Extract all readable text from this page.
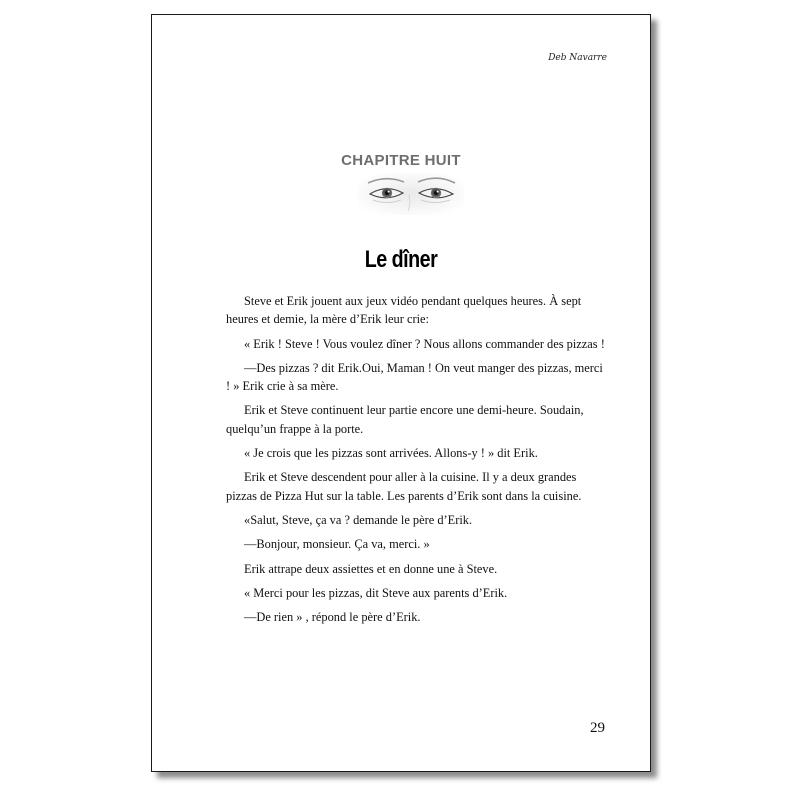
Deb Navarre
CHAPITRE HUIT
Le dîner

Steve et Erik jouent aux jeux vidéo pendant quelques heures. À sept heures et demie, la mère d’Erik leur crie:

« Erik ! Steve ! Vous voulez dîner ? Nous allons commander des pizzas !

—Des pizzas ? dit Erik.Oui, Maman ! On veut manger des pizzas, merci ! » Erik crie à sa mère.

Erik et Steve continuent leur partie encore une demi-heure. Soudain, quelqu’un frappe à la porte.

« Je crois que les pizzas sont arrivées. Allons-y ! » dit Erik.

Erik et Steve descendent pour aller à la cuisine. Il y a deux grandes pizzas de Pizza Hut sur la table. Les parents d’Erik sont dans la cuisine.

«Salut, Steve, ça va ? demande le père d’Erik.

—Bonjour, monsieur. Ça va, merci. »

Erik attrape deux assiettes et en donne une à Steve.

« Merci pour les pizzas, dit Steve aux parents d’Erik.

—De rien » , répond le père d’Erik.

29
